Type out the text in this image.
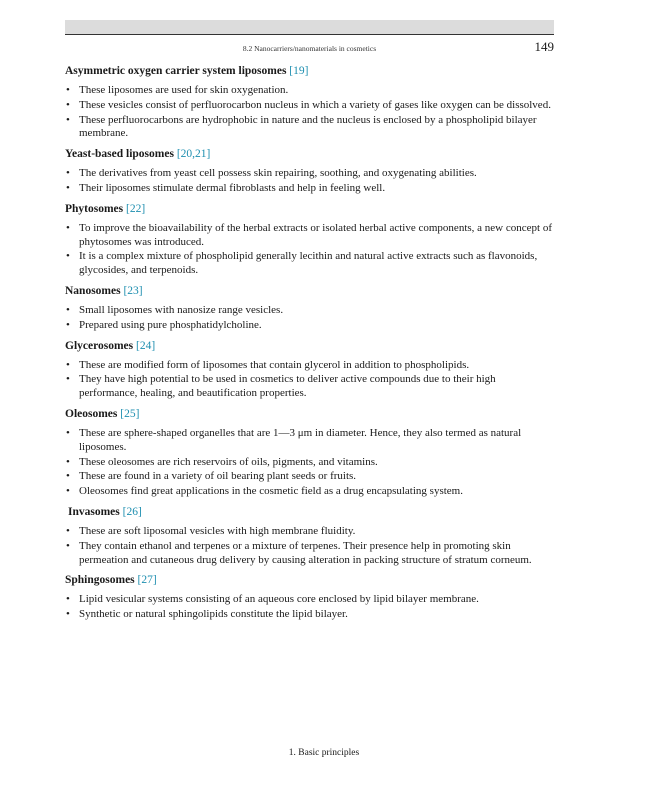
8.2 Nanocarriers/nanomaterials in cosmetics	149
Asymmetric oxygen carrier system liposomes [19]
• These liposomes are used for skin oxygenation.
• These vesicles consist of perfluorocarbon nucleus in which a variety of gases like oxygen can be dissolved.
• These perfluorocarbons are hydrophobic in nature and the nucleus is enclosed by a phospholipid bilayer membrane.
Yeast-based liposomes [20,21]
• The derivatives from yeast cell possess skin repairing, soothing, and oxygenating abilities.
• Their liposomes stimulate dermal fibroblasts and help in feeling well.
Phytosomes [22]
• To improve the bioavailability of the herbal extracts or isolated herbal active components, a new concept of phytosomes was introduced.
• It is a complex mixture of phospholipid generally lecithin and natural active extracts such as flavonoids, glycosides, and terpenoids.
Nanosomes [23]
• Small liposomes with nanosize range vesicles.
• Prepared using pure phosphatidylcholine.
Glycerosomes [24]
• These are modified form of liposomes that contain glycerol in addition to phospholipids.
• They have high potential to be used in cosmetics to deliver active compounds due to their high performance, healing, and beautification properties.
Oleosomes [25]
• These are sphere-shaped organelles that are 1—3 μm in diameter. Hence, they also termed as natural liposomes.
• These oleosomes are rich reservoirs of oils, pigments, and vitamins.
• These are found in a variety of oil bearing plant seeds or fruits.
• Oleosomes find great applications in the cosmetic field as a drug encapsulating system.
Invasomes [26]
• These are soft liposomal vesicles with high membrane fluidity.
• They contain ethanol and terpenes or a mixture of terpenes. Their presence help in promoting skin permeation and cutaneous drug delivery by causing alteration in packing structure of stratum corneum.
Sphingosomes [27]
• Lipid vesicular systems consisting of an aqueous core enclosed by lipid bilayer membrane.
• Synthetic or natural sphingolipids constitute the lipid bilayer.
1. Basic principles
